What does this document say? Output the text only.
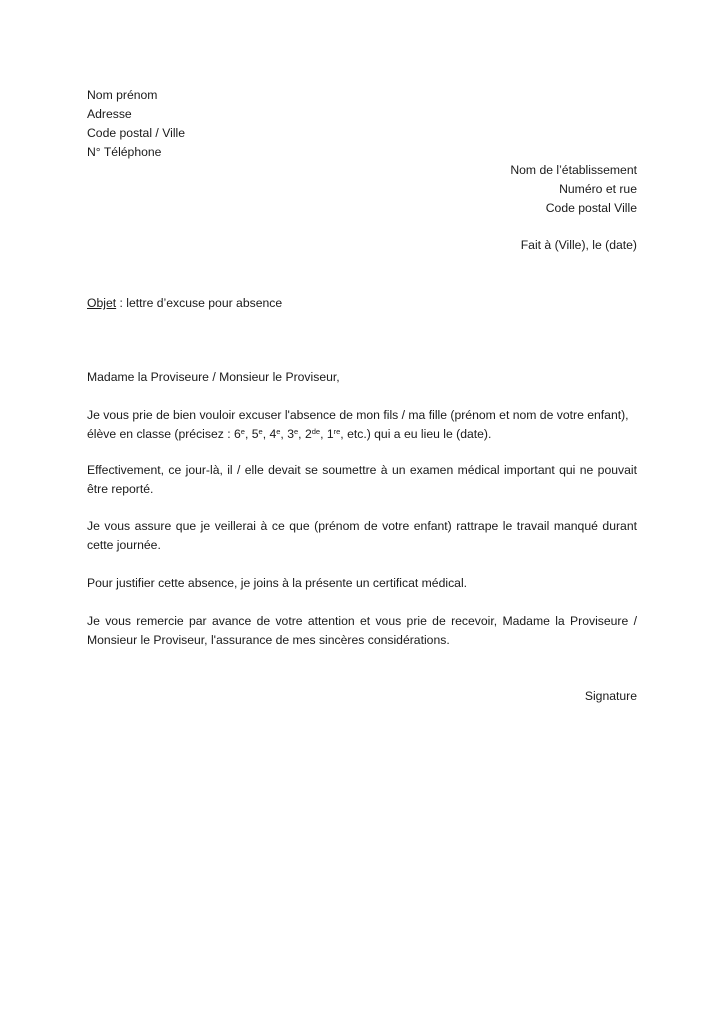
Nom prénom
Adresse
Code postal / Ville
N° Téléphone
Nom de l’établissement
Numéro et rue
Code postal Ville
Fait à (Ville), le (date)
Objet : lettre d’excuse pour absence
Madame la Proviseure / Monsieur le Proviseur,
Je vous prie de bien vouloir excuser l'absence de mon fils / ma fille (prénom et nom de votre enfant),
élève en classe (précisez : 6e, 5e, 4e, 3e, 2de, 1re, etc.) qui a eu lieu le (date).
Effectivement, ce jour-là, il / elle devait se soumettre à un examen médical important qui ne pouvait être reporté.
Je vous assure que je veillerai à ce que (prénom de votre enfant) rattrape le travail manqué durant cette journée.
Pour justifier cette absence, je joins à la présente un certificat médical.
Je vous remercie par avance de votre attention et vous prie de recevoir, Madame la Proviseure / Monsieur le Proviseur, l'assurance de mes sincères considérations.
Signature
